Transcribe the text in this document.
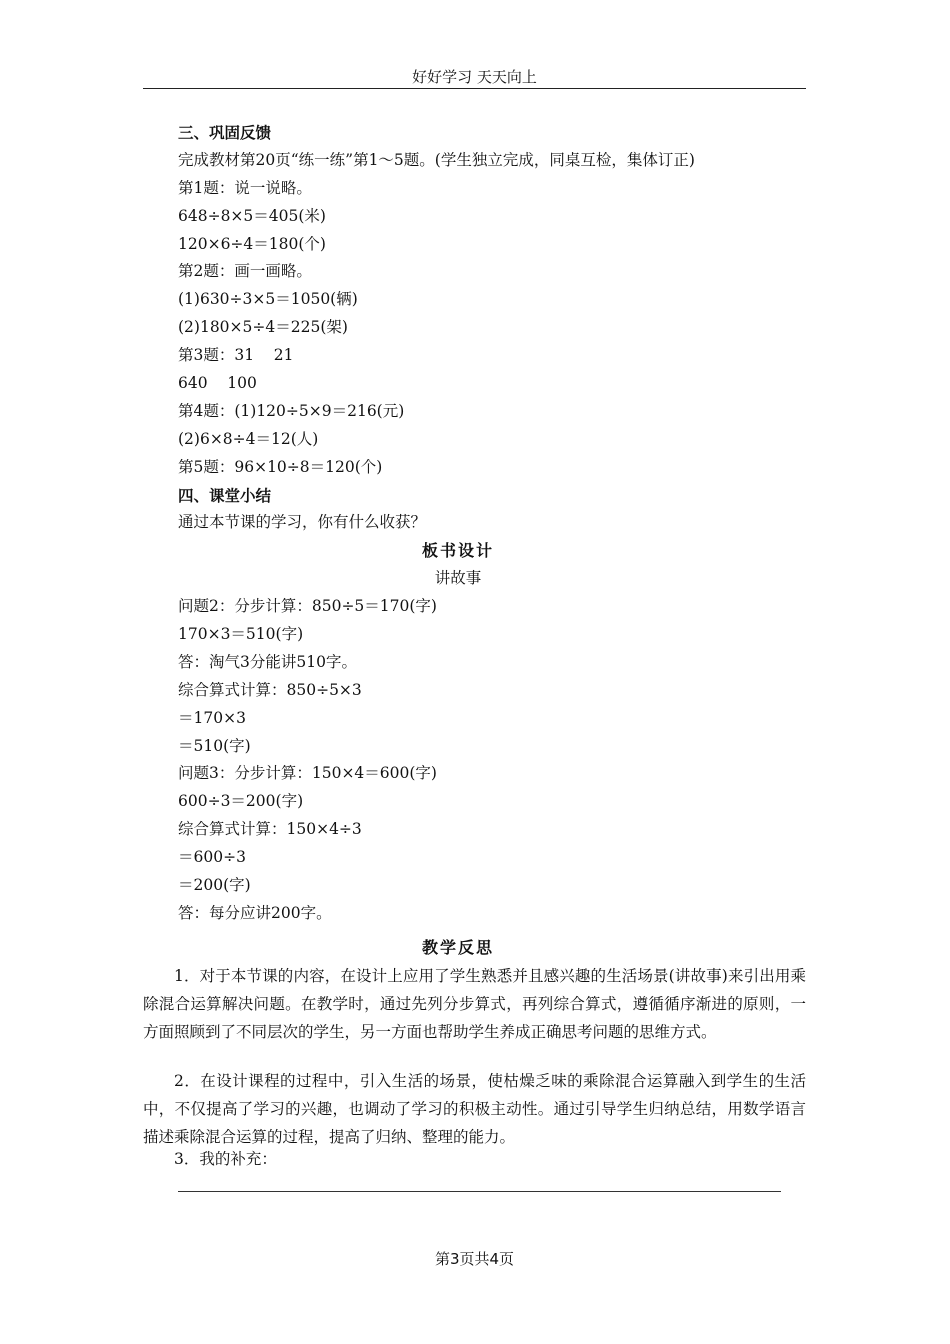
好好学习 天天向上
三、巩固反馈
完成教材第20页“练一练”第1～5题。(学生独立完成，同桌互检，集体订正)
第1题：说一说略。
648÷8×5＝405(米)
120×6÷4＝180(个)
第2题：画一画略。
(1)630÷3×5＝1050(辆)
(2)180×5÷4＝225(架)
第3题：31    21
640    100
第4题：(1)120÷5×9＝216(元)
(2)6×8÷4＝12(人)
第5题：96×10÷8＝120(个)
四、课堂小结
通过本节课的学习，你有什么收获？
板书设计
讲故事
问题2：分步计算：850÷5＝170(字)
170×3＝510(字)
答：淘气3分能讲510字。
综合算式计算：850÷5×3
＝170×3
＝510(字)
问题3：分步计算：150×4＝600(字)
600÷3＝200(字)
综合算式计算：150×4÷3
＝600÷3
＝200(字)
答：每分应讲200字。
教学反思
1．对于本节课的内容，在设计上应用了学生熟悉并且感兴趣的生活场景(讲故事)来引出用乘除混合运算解决问题。在教学时，通过先列分步算式，再列综合算式，遵循循序渐进的原则，一方面照顾到了不同层次的学生，另一方面也帮助学生养成正确思考问题的思维方式。
2．在设计课程的过程中，引入生活的场景，使枯燥乏味的乘除混合运算融入到学生的生活中，不仅提高了学习的兴趣，也调动了学习的积极主动性。通过引导学生归纳总结，用数学语言描述乘除混合运算的过程，提高了归纳、整理的能力。
3．我的补充：
第3页共4页
